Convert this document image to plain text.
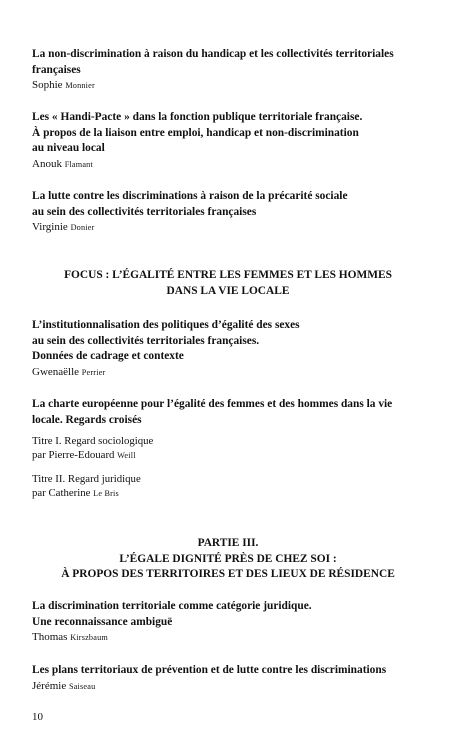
La non-discrimination à raison du handicap et les collectivités territoriales
françaises
Sophie Monnier
Les « Handi-Pacte » dans la fonction publique territoriale française.
À propos de la liaison entre emploi, handicap et non-discrimination
au niveau local
Anouk Flamant
La lutte contre les discriminations à raison de la précarité sociale
au sein des collectivités territoriales françaises
Virginie Donier
FOCUS : L’ÉGALITÉ ENTRE LES FEMMES ET LES HOMMES
DANS LA VIE LOCALE
L’institutionnalisation des politiques d’égalité des sexes
au sein des collectivités territoriales françaises.
Données de cadrage et contexte
Gwenaëlle Perrier
La charte européenne pour l’égalité des femmes et des hommes dans la vie
locale. Regards croisés
Titre I. Regard sociologique
par Pierre-Edouard Weill
Titre II. Regard juridique
par Catherine Le Bris
PARTIE III.
L’ÉGALE DIGNITÉ PRÈS DE CHEZ SOI :
À PROPOS DES TERRITOIRES ET DES LIEUX DE RÉSIDENCE
La discrimination territoriale comme catégorie juridique.
Une reconnaissance ambiguë
Thomas Kirszbaum
Les plans territoriaux de prévention et de lutte contre les discriminations
Jérémie Saiseau
10
